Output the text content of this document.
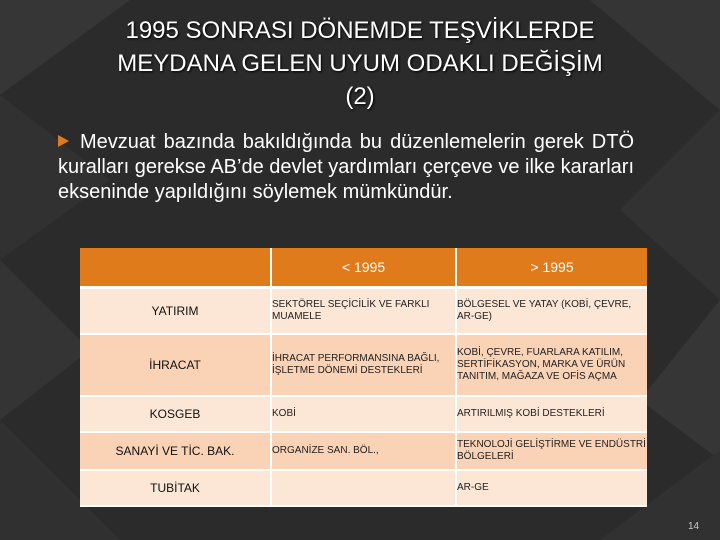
1995 SONRASI DÖNEMDE TEŞVİKLERDE
MEYDANA GELEN UYUM ODAKLI DEĞİŞİM
(2)
Mevzuat bazında bakıldığında bu düzenlemelerin gerek DTÖ kuralları gerekse AB’de devlet yardımları çerçeve ve ilke kararları ekseninde yapıldığını söylemek mümkündür.
	< 1995	> 1995
YATIRIM	SEKTÖREL SEÇİCİLİK VE FARKLI MUAMELE	BÖLGESEL VE YATAY (KOBİ, ÇEVRE, AR-GE)
İHRACAT	İHRACAT PERFORMANSINA BAĞLI, İŞLETME DÖNEMİ DESTEKLERİ	KOBİ, ÇEVRE, FUARLARA KATILIM, SERTİFİKASYON, MARKA VE ÜRÜN TANITIM, MAĞAZA VE OFİS AÇMA
KOSGEB	KOBİ	ARTIRILMIŞ KOBİ DESTEKLERİ
SANAYİ VE TİC. BAK.	ORGANİZE SAN. BÖL.,	TEKNOLOJİ GELİŞTİRME VE ENDÜSTRİ BÖLGELERİ
TUBİTAK		AR-GE
14
